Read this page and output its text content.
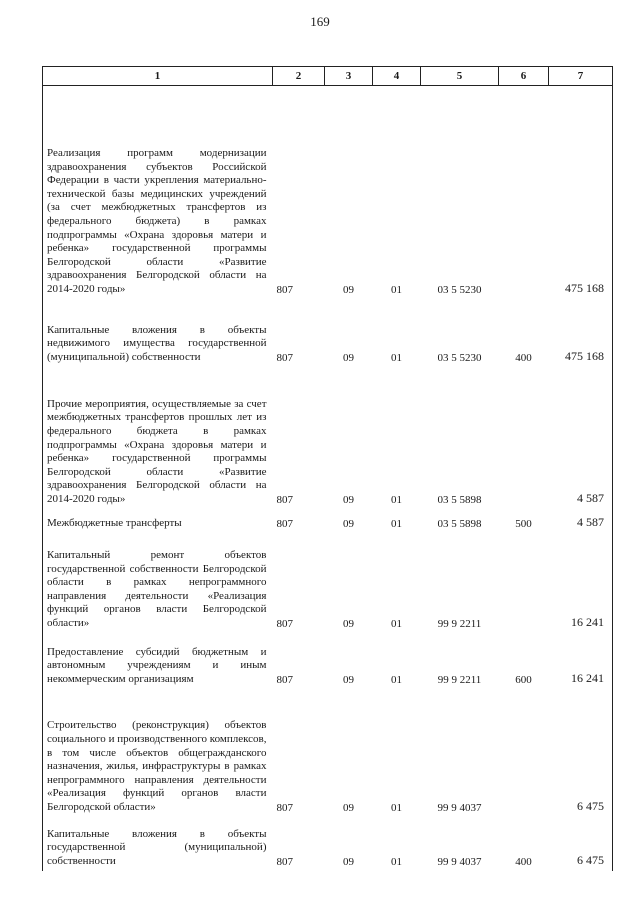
169
1	2	3	4	5	6	7
Реализация программ модернизации здравоохранения субъектов Российской Федерации в части укрепления материально-технической базы медицинских учреждений (за счет межбюджетных трансфертов из федерального бюджета) в рамках подпрограммы «Охрана здоровья матери и ребенка» государственной программы Белгородской области «Развитие здравоохранения Белгородской области на 2014-2020 годы»	807	09	01	03 5 5230		475 168
Капитальные вложения в объекты недвижимого имущества государственной (муниципальной) собственности	807	09	01	03 5 5230	400	475 168
Прочие мероприятия, осуществляемые за счет межбюджетных трансфертов прошлых лет из федерального бюджета в рамках подпрограммы «Охрана здоровья матери и ребенка» государственной программы Белгородской области «Развитие здравоохранения Белгородской области на 2014-2020 годы»	807	09	01	03 5 5898		4 587
Межбюджетные трансферты	807	09	01	03 5 5898	500	4 587
Капитальный ремонт объектов государственной собственности Белгородской области в рамках непрограммного направления деятельности «Реализация функций органов власти Белгородской области»	807	09	01	99 9 2211		16 241
Предоставление субсидий бюджетным и автономным учреждениям и иным некоммерческим организациям	807	09	01	99 9 2211	600	16 241
Строительство (реконструкция) объектов социального и производственного комплексов, в том числе объектов общегражданского назначения, жилья, инфраструктуры в рамках непрограммного направления деятельности «Реализация функций органов власти Белгородской области»	807	09	01	99 9 4037		6 475
Капитальные вложения в объекты государственной (муниципальной) собственности	807	09	01	99 9 4037	400	6 475
